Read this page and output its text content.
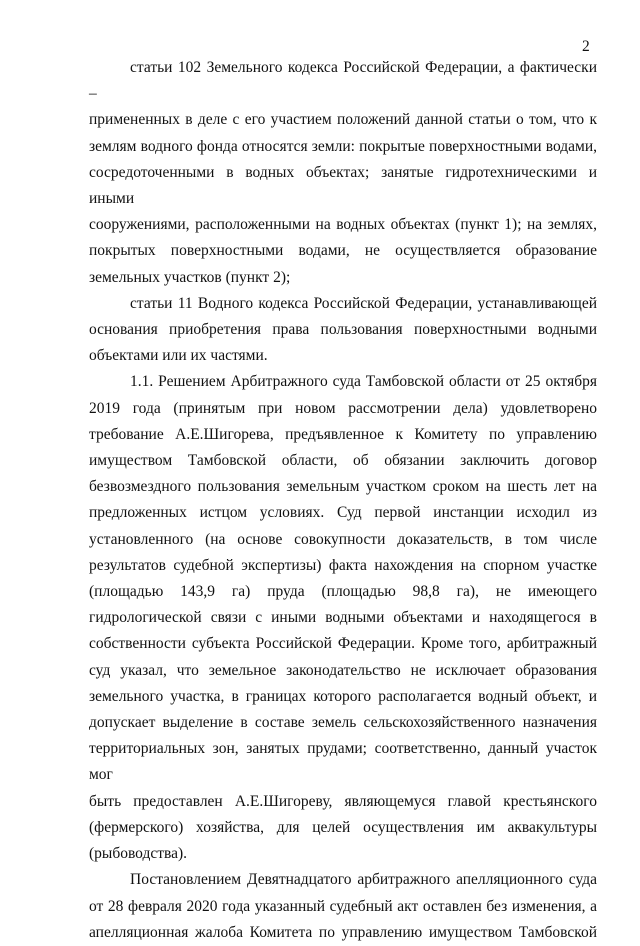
2
статьи 102 Земельного кодекса Российской Федерации, а фактически –
примененных в деле с его участием положений данной статьи о том, что к
землям водного фонда относятся земли: покрытые поверхностными водами,
сосредоточенными в водных объектах; занятые гидротехническими и иными
сооружениями, расположенными на водных объектах (пункт 1); на землях,
покрытых поверхностными водами, не осуществляется образование
земельных участков (пункт 2);
статьи 11 Водного кодекса Российской Федерации, устанавливающей
основания приобретения права пользования поверхностными водными
объектами или их частями.
1.1. Решением Арбитражного суда Тамбовской области от 25 октября
2019 года (принятым при новом рассмотрении дела) удовлетворено
требование А.Е.Шигорева, предъявленное к Комитету по управлению
имуществом Тамбовской области, об обязании заключить договор
безвозмездного пользования земельным участком сроком на шесть лет на
предложенных истцом условиях. Суд первой инстанции исходил из
установленного (на основе совокупности доказательств, в том числе
результатов судебной экспертизы) факта нахождения на спорном участке
(площадью 143,9 га) пруда (площадью 98,8 га), не имеющего
гидрологической связи с иными водными объектами и находящегося в
собственности субъекта Российской Федерации. Кроме того, арбитражный
суд указал, что земельное законодательство не исключает образования
земельного участка, в границах которого располагается водный объект, и
допускает выделение в составе земель сельскохозяйственного назначения
территориальных зон, занятых прудами; соответственно, данный участок мог
быть предоставлен А.Е.Шигореву, являющемуся главой крестьянского
(фермерского) хозяйства, для целей осуществления им аквакультуры
(рыбоводства).
Постановлением Девятнадцатого арбитражного апелляционного суда
от 28 февраля 2020 года указанный судебный акт оставлен без изменения, а
апелляционная жалоба Комитета по управлению имуществом Тамбовской
